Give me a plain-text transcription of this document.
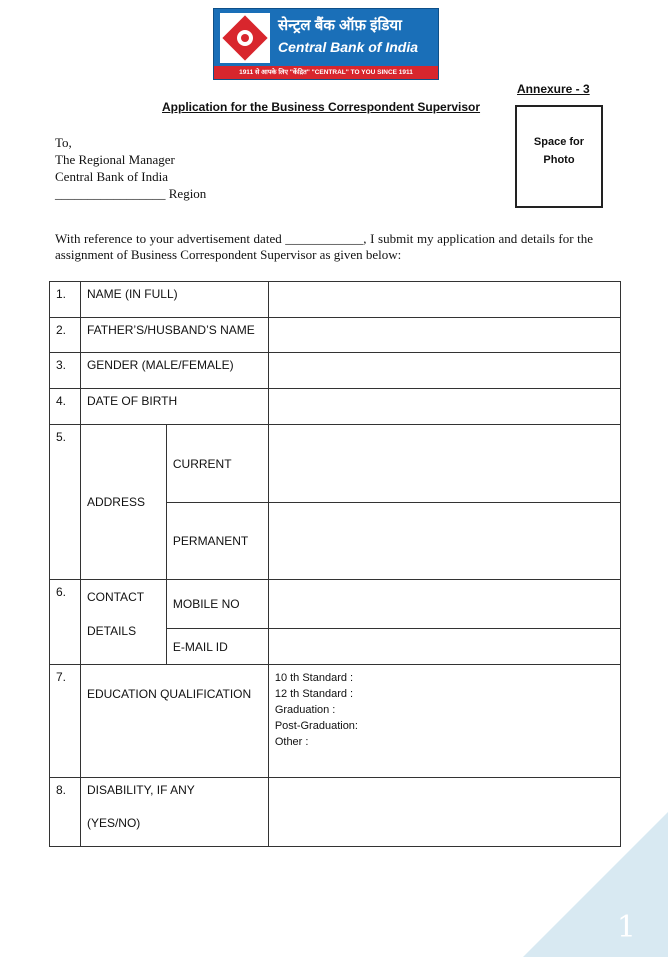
सेन्ट्रल बैंक ऑफ़ इंडिया
Central Bank of India
1911 से आपके लिए "केंद्रित" "CENTRAL" TO YOU SINCE 1911
Annexure - 3
Application for the Business Correspondent Supervisor
Space for
Photo
To,
The Regional Manager
Central Bank of India
_________________ Region
With reference to your advertisement dated ____________, I submit my application and details for the assignment of Business Correspondent Supervisor as given below:
1.	NAME (IN FULL)		
2.	FATHER’S/HUSBAND’S NAME		
3.	GENDER (MALE/FEMALE)		
4.	DATE OF BIRTH		
5.	ADDRESS	CURRENT	
		PERMANENT	
6.	CONTACT
DETAILS	MOBILE NO	
		E-MAIL ID	
7.	EDUCATION QUALIFICATION		10 th Standard :
12 th Standard :
Graduation :
Post-Graduation:
Other :

8.	DISABILITY, IF ANY
(YES/NO)		

1
